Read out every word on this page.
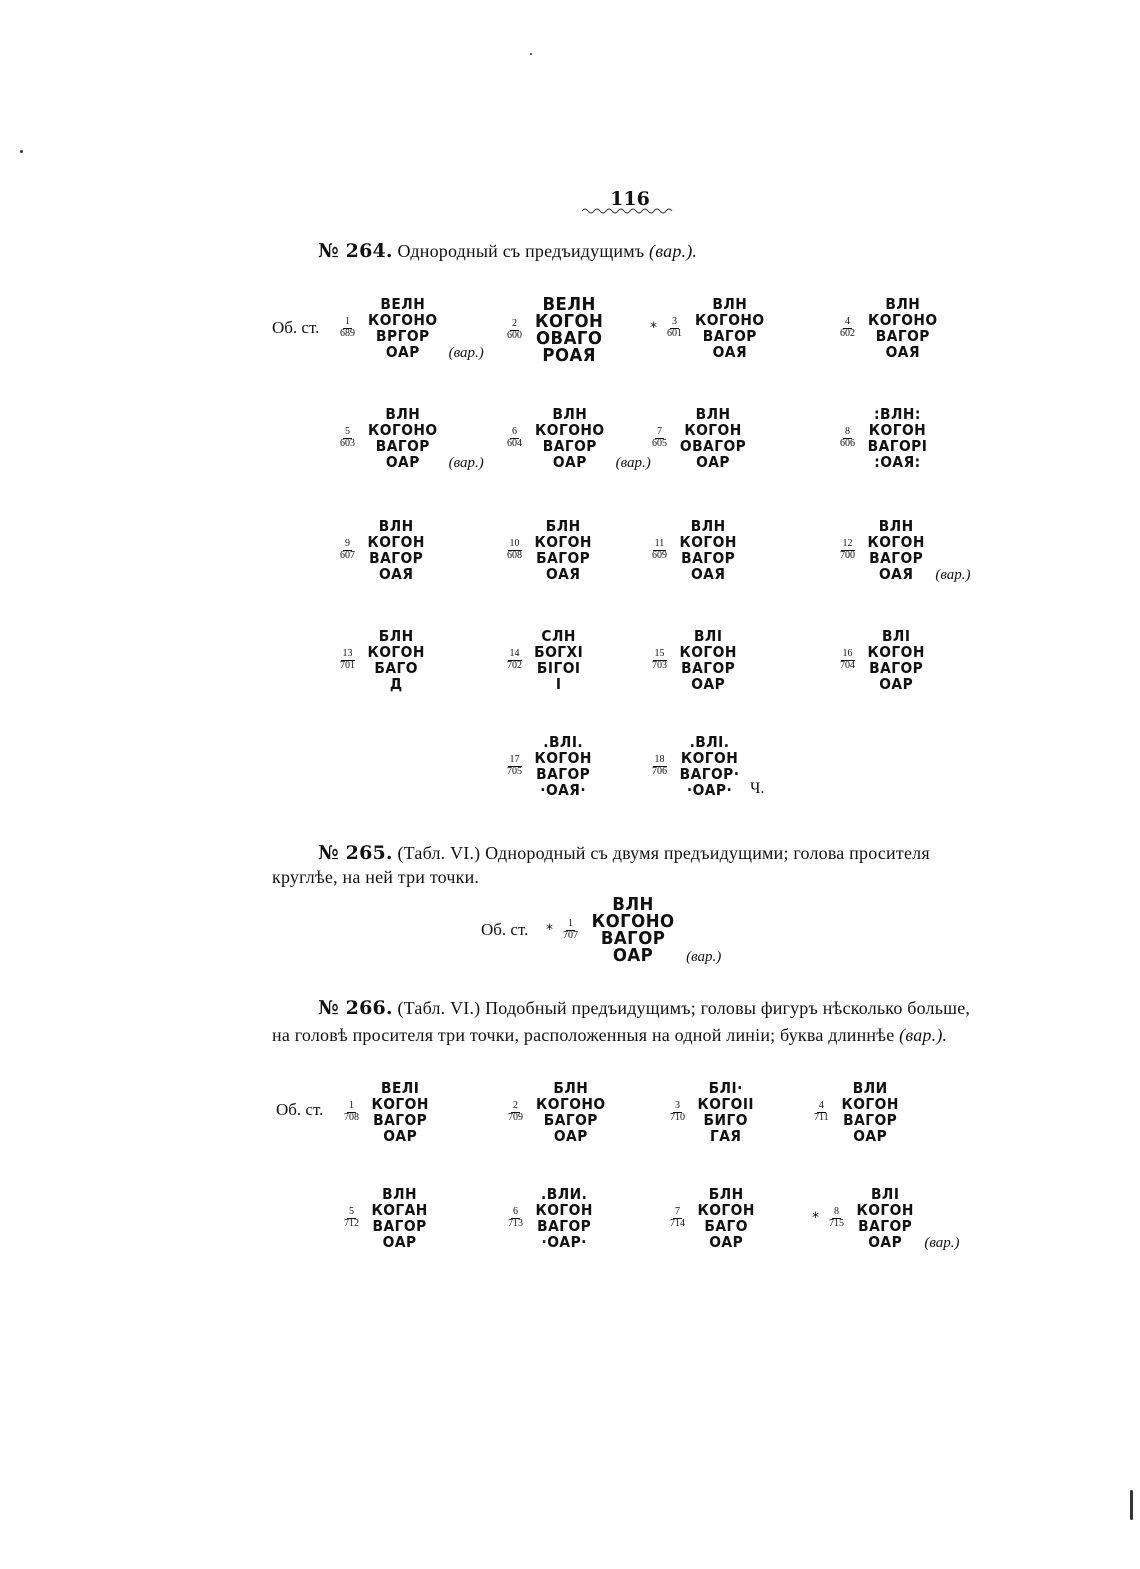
116
№ 264. Однородный съ предъидущимъ (вар.).
Об. ст.
№ 265. (Табл. VI.) Однородный съ двумя предъидущими; голова просителя
круглѣе, на ней три точки.
Об. ст.
№ 266. (Табл. VI.) Подобный предъидущимъ; головы фигуръ нѣсколько больше,
на головѣ просителя три точки, расположенныя на одной линіи; буква длиннѣе (вар.).
Об. ст.
$\frac{1}{689}$
ВЕЛН
КОГОНО
ВРГОР
ОАР (вар.)
$\frac{2}{600}$
ВЕЛН
КОГОН
ОВАГО
РОАЯ
* $\frac{3}{601}$
ВЛН
КОГОНО
ВАГОР
ОАЯ
$\frac{4}{602}$
ВЛН
КОГОНО
ВАГОР
ОАЯ
$\frac{5}{603}$
ВЛН
КОГОНО
ВАГОР
ОАР (вар.)
$\frac{6}{604}$
ВЛН
КОГОНО
ВАГОР
ОАР (вар.)
$\frac{7}{605}$
ВЛН
КОГОН
ОВАГОР
ОАР
$\frac{8}{606}$
:ВЛН:
КОГОН
ВАГОРІ
:ОАЯ:
$\frac{9}{607}$
ВЛН
КОГОН
ВАГОР
ОАЯ
$\frac{10}{608}$
БЛН
КОГОН
БАГОР
ОАЯ
$\frac{11}{609}$
ВЛН
КОГОН
ВАГОР
ОАЯ
$\frac{12}{700}$
ВЛН
КОГОН
ВАГОР
ОАЯ (вар.)
$\frac{13}{701}$
БЛН
КОГОН
БАГО
Д
$\frac{14}{702}$
СЛН
БОГХІ
БІГОІ
І
$\frac{15}{703}$
ВЛІ
КОГОН
ВАГОР
ОАР
$\frac{16}{704}$
ВЛІ
КОГОН
ВАГОР
ОАР
$\frac{17}{705}$
.ВЛІ.
КОГОН
ВАГОР
·ОАЯ·
$\frac{18}{706}$
.ВЛІ.
КОГОН
ВАГОР·
·ОАР· Ч.
* $\frac{1}{707}$
ВЛН
КОГОНО
ВАГОР
ОАР (вар.)
$\frac{1}{708}$
ВЕЛІ
КОГОН
ВАГОР
ОАР
$\frac{2}{709}$
БЛН
КОГОНО
БАГОР
ОАР
$\frac{3}{710}$
БЛІ·
КОГОІІ
БИГО
ГАЯ
$\frac{4}{711}$
ВЛИ
КОГОН
ВАГОР
ОАР
$\frac{5}{712}$
ВЛН
КОГАН
ВАГОР
ОАР
$\frac{6}{713}$
.ВЛИ.
КОГОН
ВАГОР
·ОАР·
$\frac{7}{714}$
БЛН
КОГОН
БАГО
ОАР
* $\frac{8}{715}$
ВЛІ
КОГОН
ВАГОР
ОАР (вар.)
